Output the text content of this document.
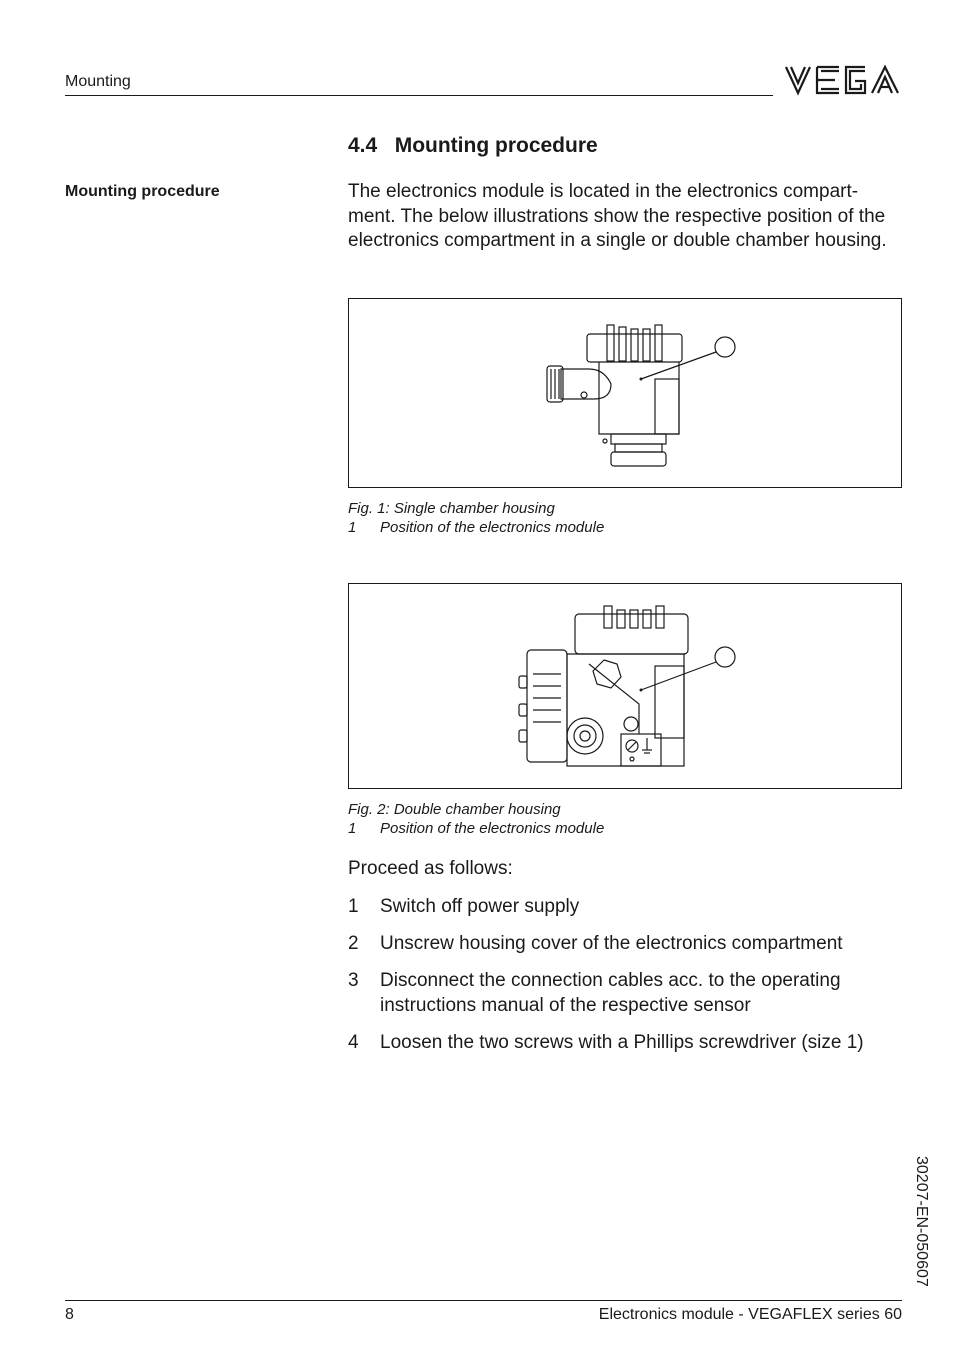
Mounting
4.4   Mounting procedure
Mounting procedure	The electronics module is located in the electronics compart-ment. The below illustrations show the respective position of the electronics compartment in a single or double chamber housing.
1
Fig. 1: Single chamber housing
1 Position of the electronics module
1
Fig. 2: Double chamber housing
1 Position of the electronics module
Proceed as follows:
1	Switch off power supply
2	Unscrew housing cover of the electronics compartment
3	Disconnect the connection cables acc. to the operating instructions manual of the respective sensor
4	Loosen the two screws with a Phillips screwdriver (size 1)
30207-EN-050607
8	Electronics module - VEGAFLEX series 60
